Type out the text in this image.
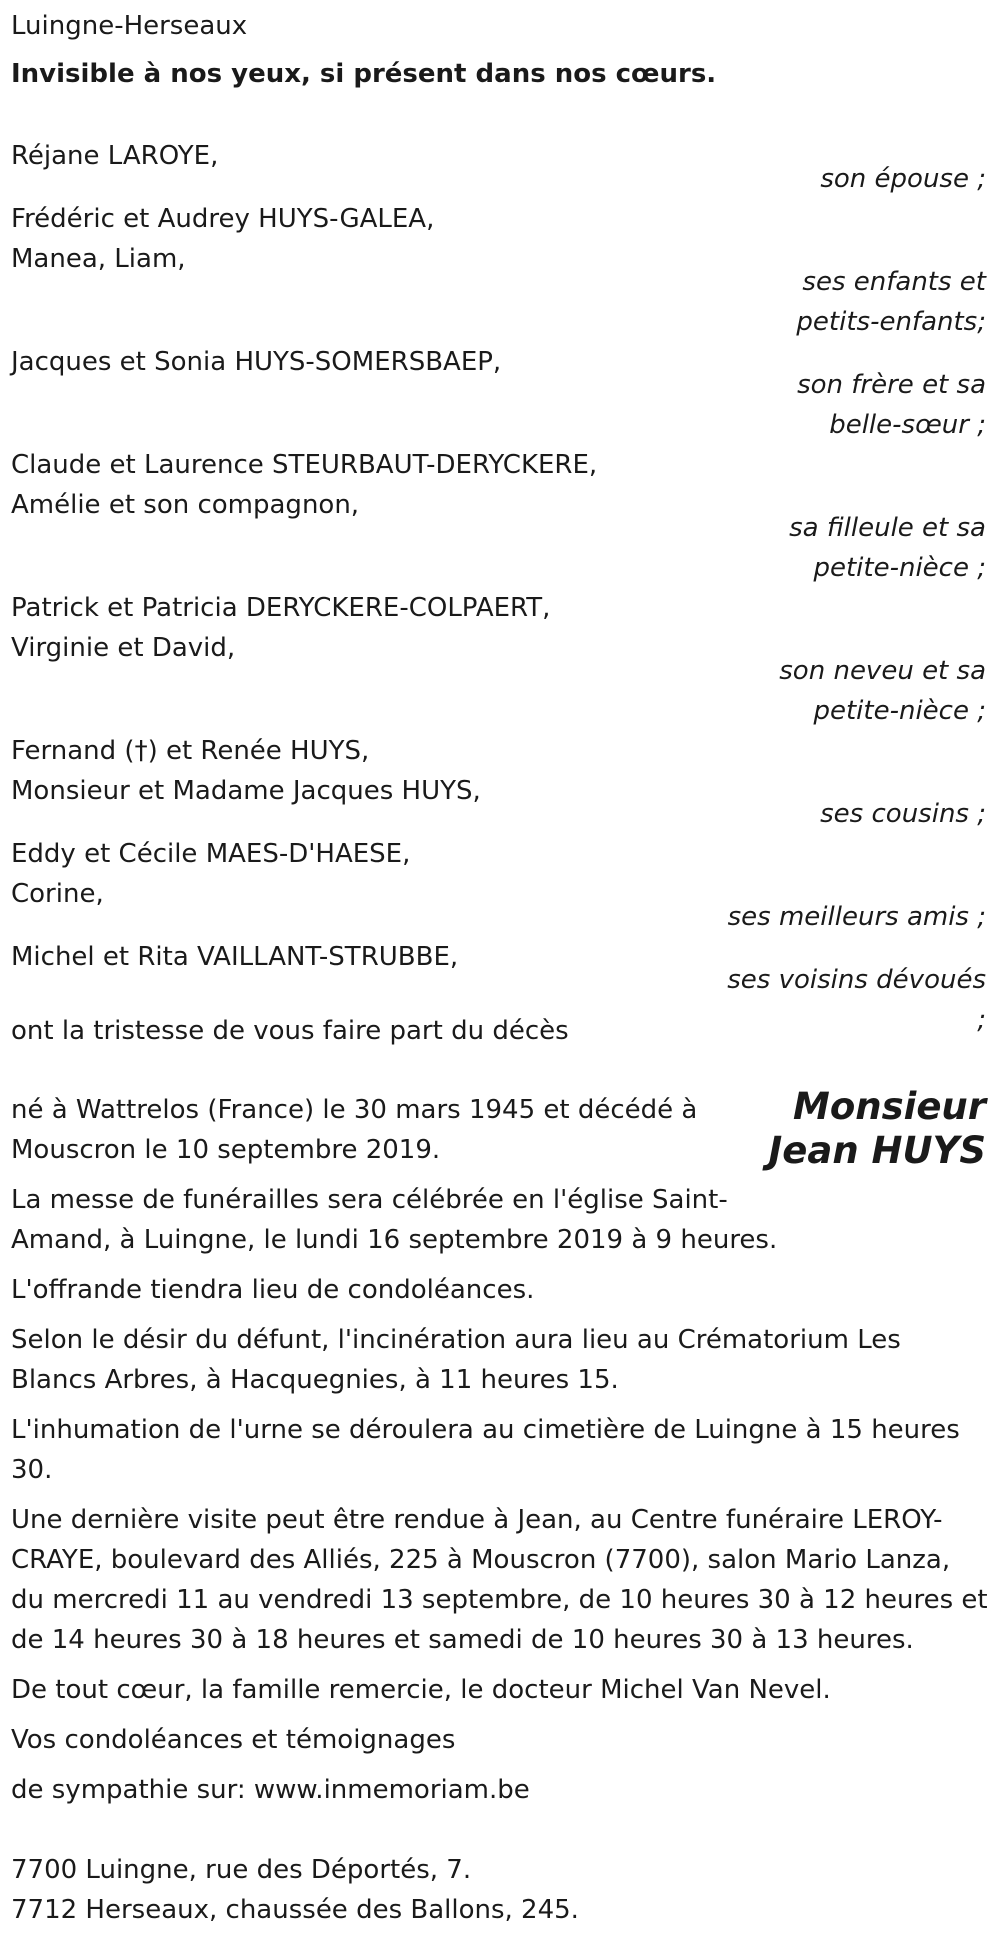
Luingne-Herseaux
Invisible à nos yeux, si présent dans nos cœurs.
Réjane LAROYE,
son épouse ;
Frédéric et Audrey HUYS-GALEA,
Manea, Liam,
ses enfants et
petits-enfants;
Jacques et Sonia HUYS-SOMERSBAEP,
son frère et sa
belle-sœur ;
Claude et Laurence STEURBAUT-DERYCKERE,
Amélie et son compagnon,
sa filleule et sa
petite-nièce ;
Patrick et Patricia DERYCKERE-COLPAERT,
Virginie et David,
son neveu et sa
petite-nièce ;
Fernand (†) et Renée HUYS,
Monsieur et Madame Jacques HUYS,
ses cousins ;
Eddy et Cécile MAES-D'HAESE,
Corine,
ses meilleurs amis ;
Michel et Rita VAILLANT-STRUBBE,
ses voisins dévoués
;
ont la tristesse de vous faire part du décès
Monsieur
Jean HUYS
né à Wattrelos (France) le 30 mars 1945 et décédé à
Mouscron le 10 septembre 2019.
La messe de funérailles sera célébrée en l'église Saint-
Amand, à Luingne, le lundi 16 septembre 2019 à 9 heures.
L'offrande tiendra lieu de condoléances.
Selon le désir du défunt, l'incinération aura lieu au Crématorium Les
Blancs Arbres, à Hacquegnies, à 11 heures 15.
L'inhumation de l'urne se déroulera au cimetière de Luingne à 15 heures
30.
Une dernière visite peut être rendue à Jean, au Centre funéraire LEROY-
CRAYE, boulevard des Alliés, 225 à Mouscron (7700), salon Mario Lanza,
du mercredi 11 au vendredi 13 septembre, de 10 heures 30 à 12 heures et
de 14 heures 30 à 18 heures et samedi de 10 heures 30 à 13 heures.
De tout cœur, la famille remercie, le docteur Michel Van Nevel.
Vos condoléances et témoignages
de sympathie sur: www.inmemoriam.be
7700 Luingne, rue des Déportés, 7.
7712 Herseaux, chaussée des Ballons, 245.
